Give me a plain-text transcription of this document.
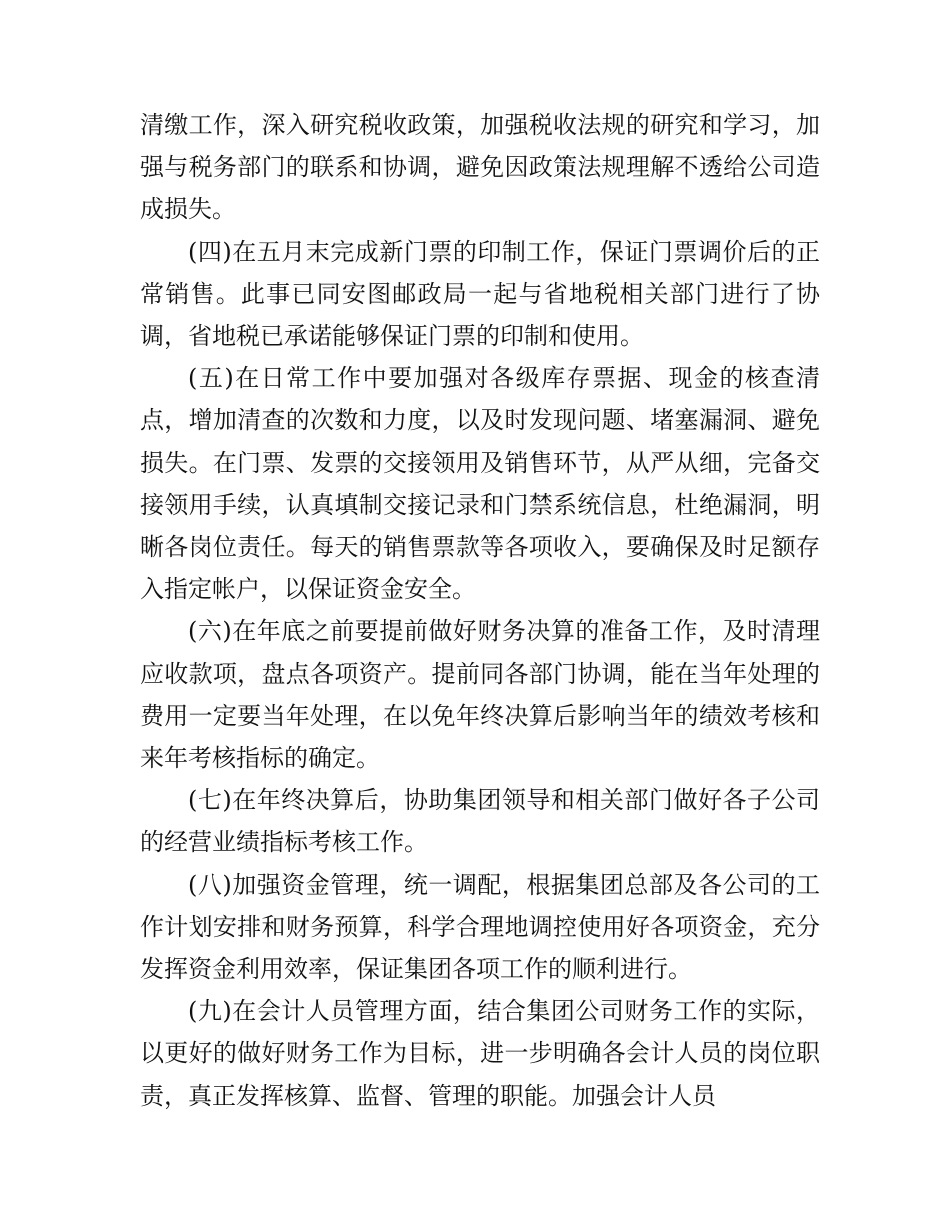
清缴工作，深入研究税收政策，加强税收法规的研究和学习，加强与税务部门的联系和协调，避免因政策法规理解不透给公司造成损失。

(四)在五月末完成新门票的印制工作，保证门票调价后的正常销售。此事已同安图邮政局一起与省地税相关部门进行了协调，省地税已承诺能够保证门票的印制和使用。

(五)在日常工作中要加强对各级库存票据、现金的核查清点，增加清查的次数和力度，以及时发现问题、堵塞漏洞、避免损失。在门票、发票的交接领用及销售环节，从严从细，完备交接领用手续，认真填制交接记录和门禁系统信息，杜绝漏洞，明晰各岗位责任。每天的销售票款等各项收入，要确保及时足额存入指定帐户，以保证资金安全。

(六)在年底之前要提前做好财务决算的准备工作，及时清理应收款项，盘点各项资产。提前同各部门协调，能在当年处理的费用一定要当年处理，在以免年终决算后影响当年的绩效考核和来年考核指标的确定。

(七)在年终决算后，协助集团领导和相关部门做好各子公司的经营业绩指标考核工作。

(八)加强资金管理，统一调配，根据集团总部及各公司的工作计划安排和财务预算，科学合理地调控使用好各项资金，充分发挥资金利用效率，保证集团各项工作的顺利进行。

(九)在会计人员管理方面，结合集团公司财务工作的实际，以更好的做好财务工作为目标，进一步明确各会计人员的岗位职责，真正发挥核算、监督、管理的职能。加强会计人员
